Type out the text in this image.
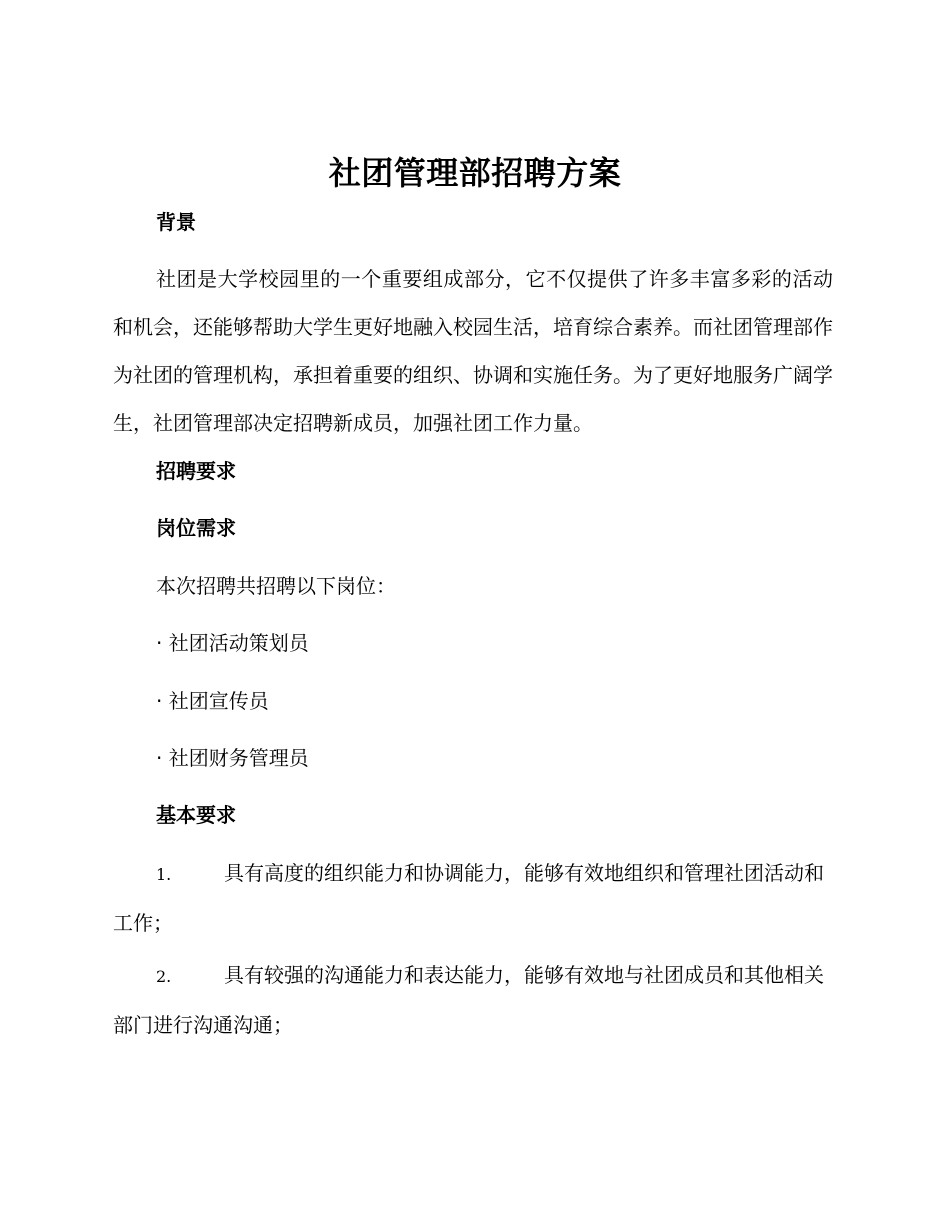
社团管理部招聘方案
背景
社团是大学校园里的一个重要组成部分，它不仅提供了许多丰富多彩的活动和机会，还能够帮助大学生更好地融入校园生活，培育综合素养。而社团管理部作为社团的管理机构，承担着重要的组织、协调和实施任务。为了更好地服务广阔学生，社团管理部决定招聘新成员，加强社团工作力量。
招聘要求
岗位需求
本次招聘共招聘以下岗位：
· 社团活动策划员
· 社团宣传员
· 社团财务管理员
基本要求
1.	具有高度的组织能力和协调能力，能够有效地组织和管理社团活动和工作；
2.	具有较强的沟通能力和表达能力，能够有效地与社团成员和其他相关部门进行沟通沟通；
